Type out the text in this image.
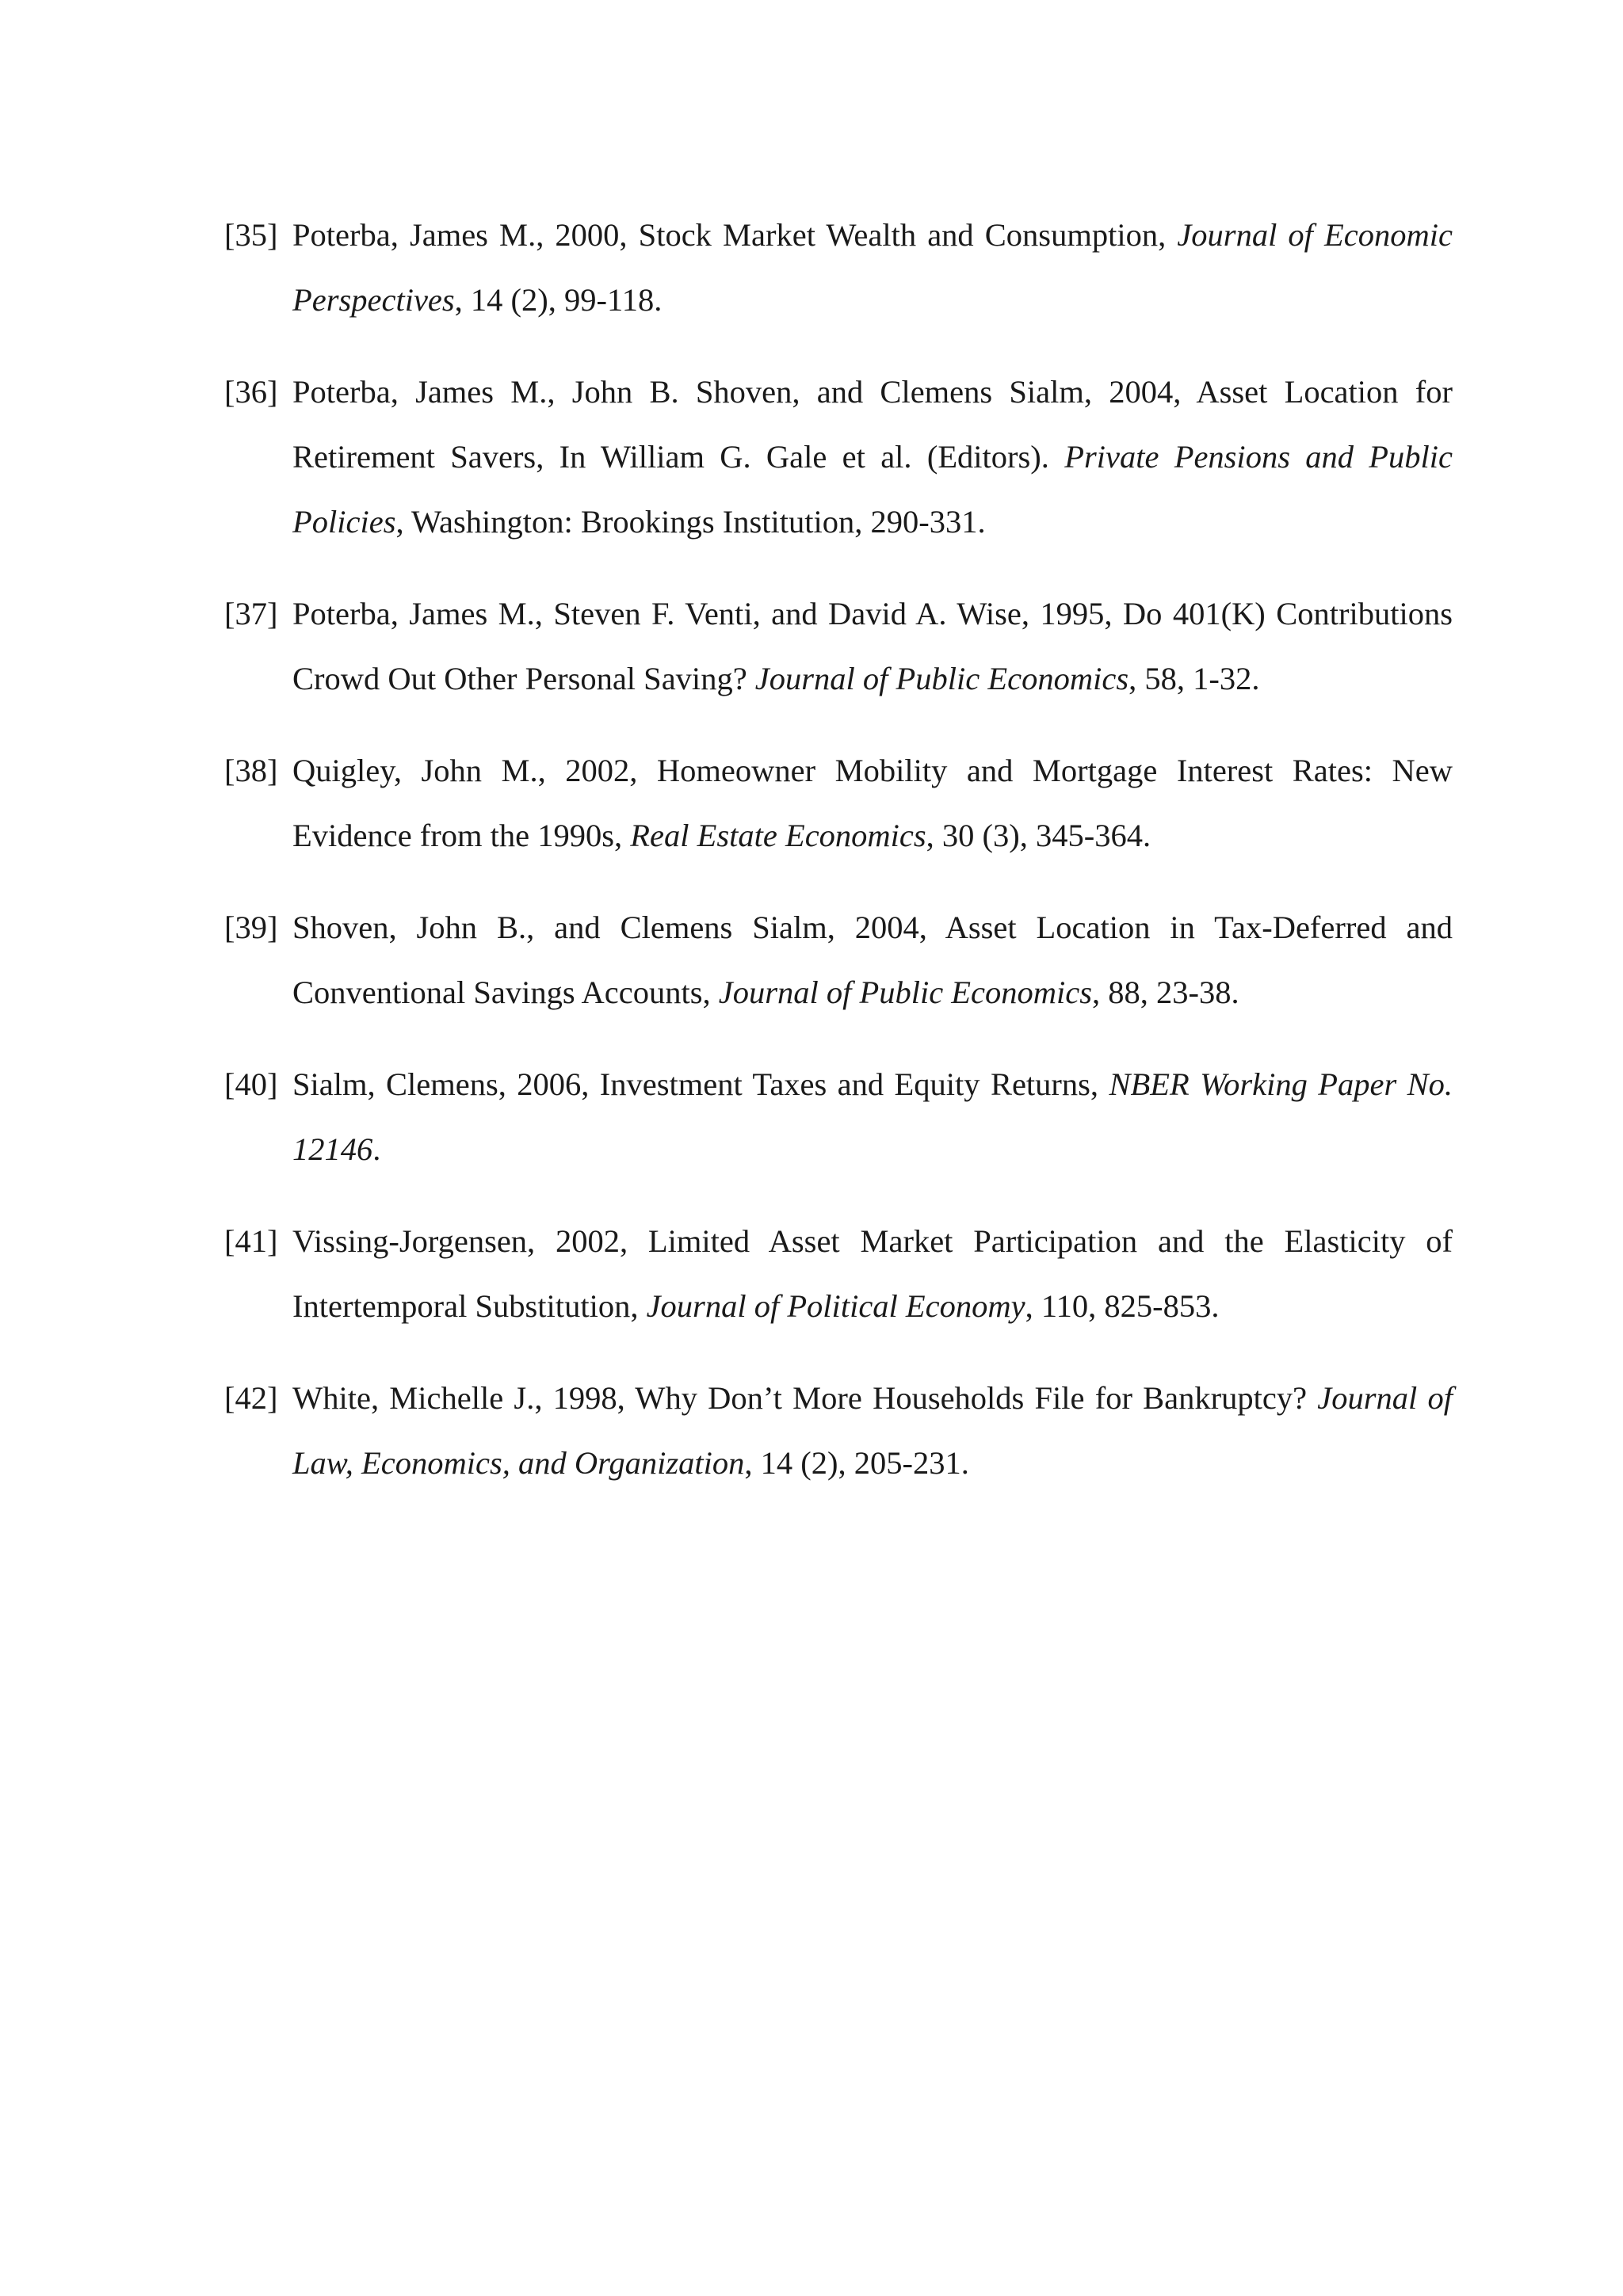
[35] Poterba, James M., 2000, Stock Market Wealth and Consumption, Journal of Economic Perspectives, 14 (2), 99-118.
[36] Poterba, James M., John B. Shoven, and Clemens Sialm, 2004, Asset Location for Retirement Savers, In William G. Gale et al. (Editors). Private Pensions and Public Policies, Washington: Brookings Institution, 290-331.
[37] Poterba, James M., Steven F. Venti, and David A. Wise, 1995, Do 401(K) Contributions Crowd Out Other Personal Saving? Journal of Public Economics, 58, 1-32.
[38] Quigley, John M., 2002, Homeowner Mobility and Mortgage Interest Rates: New Evidence from the 1990s, Real Estate Economics, 30 (3), 345-364.
[39] Shoven, John B., and Clemens Sialm, 2004, Asset Location in Tax-Deferred and Conventional Savings Accounts, Journal of Public Economics, 88, 23-38.
[40] Sialm, Clemens, 2006, Investment Taxes and Equity Returns, NBER Working Paper No. 12146.
[41] Vissing-Jorgensen, 2002, Limited Asset Market Participation and the Elasticity of Intertemporal Substitution, Journal of Political Economy, 110, 825-853.
[42] White, Michelle J., 1998, Why Don’t More Households File for Bankruptcy? Journal of Law, Economics, and Organization, 14 (2), 205-231.
